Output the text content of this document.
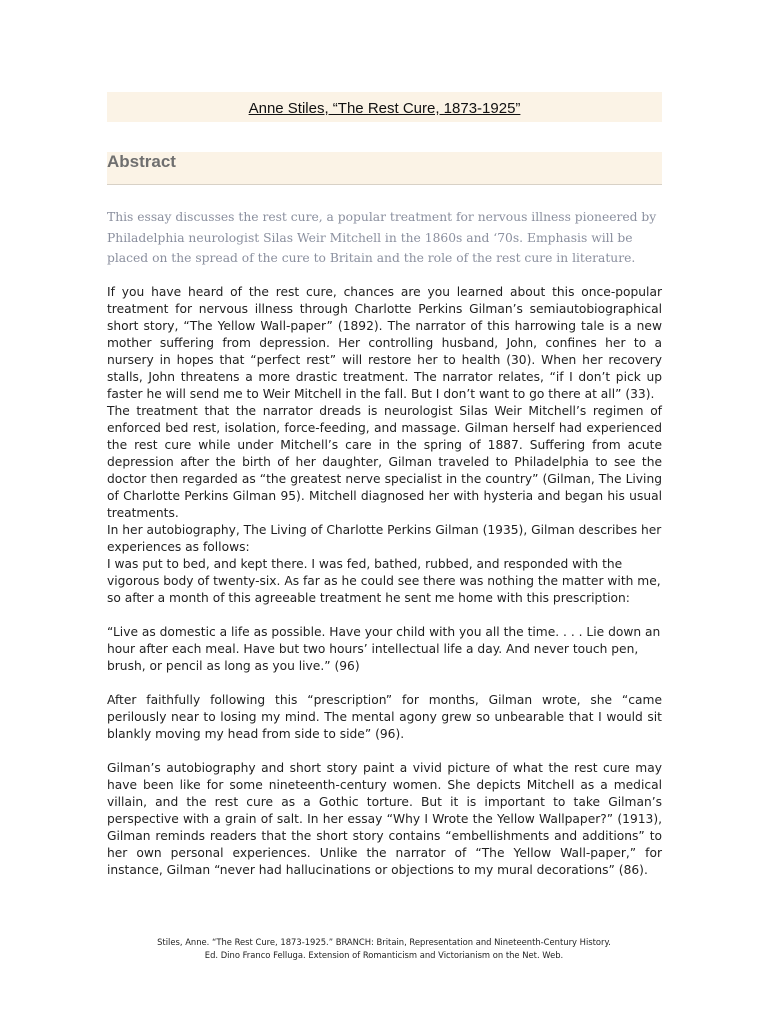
Anne Stiles, “The Rest Cure, 1873-1925”
Abstract

This essay discusses the rest cure, a popular treatment for nervous illness pioneered by Philadelphia neurologist Silas Weir Mitchell in the 1860s and ‘70s. Emphasis will be placed on the spread of the cure to Britain and the role of the rest cure in literature.

If you have heard of the rest cure, chances are you learned about this once-popular treatment for nervous illness through Charlotte Perkins Gilman’s semiautobiographical short story, “The Yellow Wall-paper” (1892). The narrator of this harrowing tale is a new mother suffering from depression. Her controlling husband, John, confines her to a nursery in hopes that “perfect rest” will restore her to health (30). When her recovery stalls, John threatens a more drastic treatment. The narrator relates, “if I don’t pick up faster he will send me to Weir Mitchell in the fall. But I don’t want to go there at all” (33).

The treatment that the narrator dreads is neurologist Silas Weir Mitchell’s regimen of enforced bed rest, isolation, force-feeding, and massage. Gilman herself had experienced the rest cure while under Mitchell’s care in the spring of 1887. Suffering from acute depression after the birth of her daughter, Gilman traveled to Philadelphia to see the doctor then regarded as “the greatest nerve specialist in the country” (Gilman, The Living of Charlotte Perkins Gilman 95). Mitchell diagnosed her with hysteria and began his usual treatments.

In her autobiography, The Living of Charlotte Perkins Gilman (1935), Gilman describes her experiences as follows:

I was put to bed, and kept there. I was fed, bathed, rubbed, and responded with the vigorous body of twenty-six. As far as he could see there was nothing the matter with me, so after a month of this agreeable treatment he sent me home with this prescription:

“Live as domestic a life as possible. Have your child with you all the time. . . . Lie down an hour after each meal. Have but two hours’ intellectual life a day. And never touch pen, brush, or pencil as long as you live.” (96)

After faithfully following this “prescription” for months, Gilman wrote, she “came perilously near to losing my mind. The mental agony grew so unbearable that I would sit blankly moving my head from side to side” (96).

Gilman’s autobiography and short story paint a vivid picture of what the rest cure may have been like for some nineteenth-century women. She depicts Mitchell as a medical villain, and the rest cure as a Gothic torture. But it is important to take Gilman’s perspective with a grain of salt. In her essay “Why I Wrote the Yellow Wallpaper?” (1913), Gilman reminds readers that the short story contains “embellishments and additions” to her own personal experiences. Unlike the narrator of “The Yellow Wall-paper,” for instance, Gilman “never had hallucinations or objections to my mural decorations” (86).

Stiles, Anne. “The Rest Cure, 1873-1925.” BRANCH: Britain, Representation and Nineteenth-Century History.
Ed. Dino Franco Felluga. Extension of Romanticism and Victorianism on the Net. Web.
